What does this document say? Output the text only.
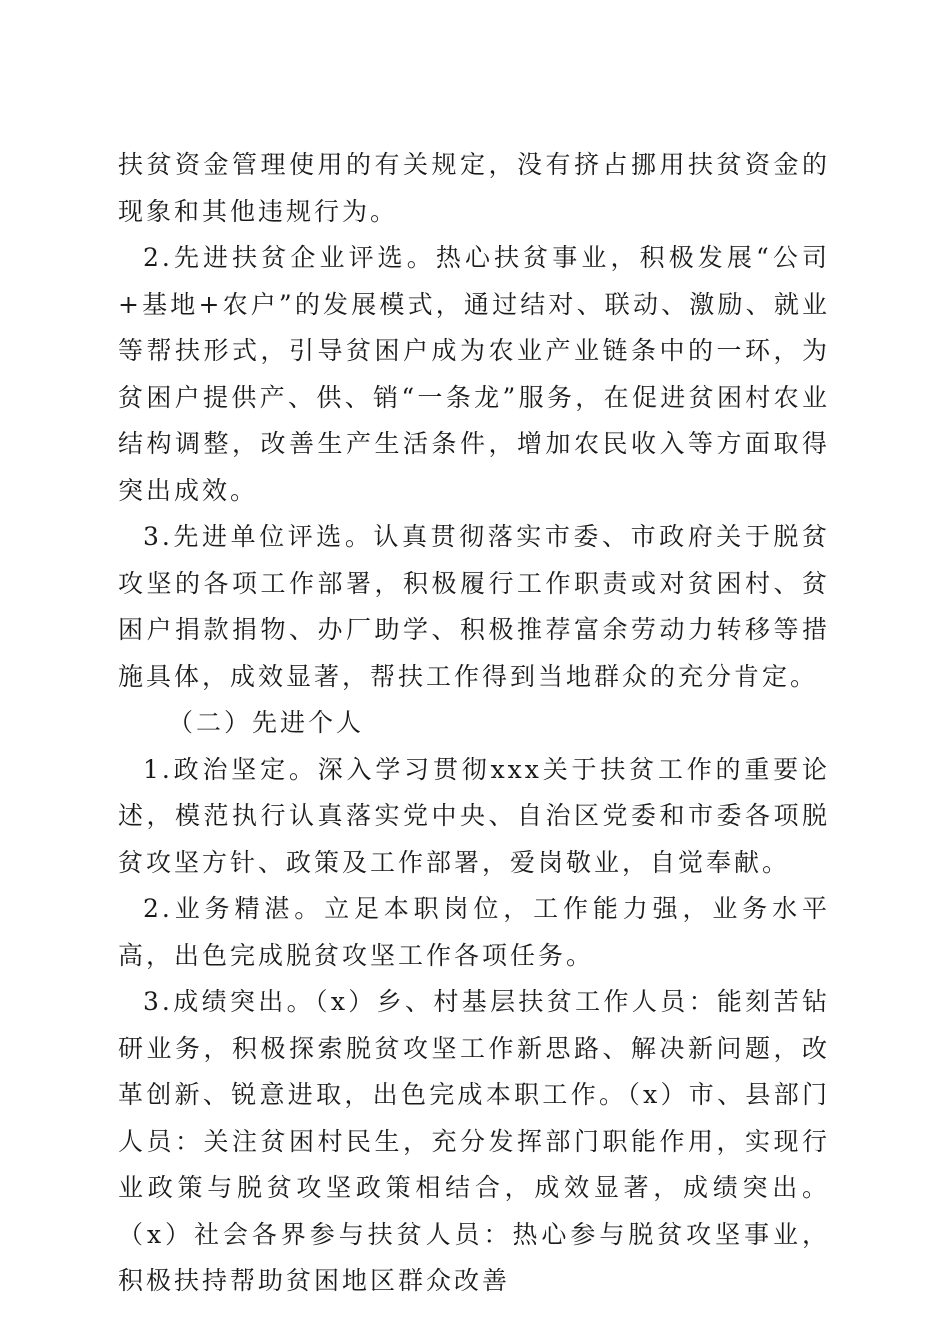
扶贫资金管理使用的有关规定，没有挤占挪用扶贫资金的现象和其他违规行为。

2.先进扶贫企业评选。热心扶贫事业，积极发展“公司+基地+农户”的发展模式，通过结对、联动、激励、就业等帮扶形式，引导贫困户成为农业产业链条中的一环，为贫困户提供产、供、销“一条龙”服务，在促进贫困村农业结构调整，改善生产生活条件，增加农民收入等方面取得突出成效。

3.先进单位评选。认真贯彻落实市委、市政府关于脱贫攻坚的各项工作部署，积极履行工作职责或对贫困村、贫困户捐款捐物、办厂助学、积极推荐富余劳动力转移等措施具体，成效显著，帮扶工作得到当地群众的充分肯定。

（二）先进个人

1.政治坚定。深入学习贯彻xxx关于扶贫工作的重要论述，模范执行认真落实党中央、自治区党委和市委各项脱贫攻坚方针、政策及工作部署，爱岗敬业，自觉奉献。

2.业务精湛。立足本职岗位，工作能力强，业务水平高，出色完成脱贫攻坚工作各项任务。

3.成绩突出。（x）乡、村基层扶贫工作人员：能刻苦钻研业务，积极探索脱贫攻坚工作新思路、解决新问题，改革创新、锐意进取，出色完成本职工作。（x）市、县部门人员：关注贫困村民生，充分发挥部门职能作用，实现行业政策与脱贫攻坚政策相结合，成效显著，成绩突出。（x）社会各界参与扶贫人员：热心参与脱贫攻坚事业，积极扶持帮助贫困地区群众改善
